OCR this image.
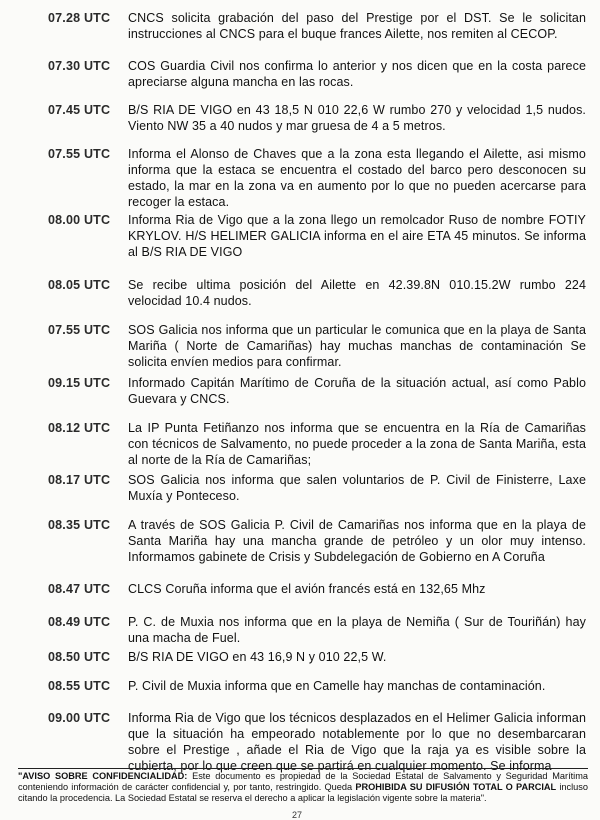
07.28 UTC	CNCS solicita grabación del paso del Prestige por el DST. Se le solicitan instrucciones al CNCS para el buque frances Ailette, nos remiten al CECOP.
07.30 UTC	COS Guardia Civil nos confirma lo anterior y nos dicen que en la costa parece apreciarse alguna mancha en las rocas.
07.45 UTC	B/S RIA DE VIGO en 43 18,5 N 010 22,6 W rumbo 270 y velocidad 1,5 nudos. Viento NW 35 a 40 nudos y mar gruesa de 4 a 5 metros.
07.55 UTC	Informa el Alonso de Chaves que a la zona esta llegando el Ailette, asi mismo informa que la estaca se encuentra el costado del barco pero desconocen su estado, la mar en la zona va en aumento por lo que no pueden acercarse para recoger la estaca.
08.00 UTC	Informa Ria de Vigo que a la zona llego un remolcador Ruso de nombre FOTIY KRYLOV. H/S HELIMER GALICIA informa en el aire ETA 45 minutos. Se informa al B/S RIA DE VIGO
08.05 UTC	Se recibe ultima posición del Ailette en 42.39.8N 010.15.2W rumbo 224 velocidad 10.4 nudos.
07.55 UTC	SOS Galicia nos informa que un particular le comunica que en la playa de Santa Mariña ( Norte de Camariñas) hay muchas manchas de contaminación Se solicita envíen medios para confirmar.
09.15 UTC	Informado Capitán Marítimo de Coruña de la situación actual, así como Pablo Guevara y CNCS.
08.12 UTC	La IP Punta Fetiñanzo nos informa que se encuentra en la Ría de Camariñas con técnicos de Salvamento, no puede proceder a la zona de Santa Mariña, esta al norte de la Ría de Camariñas;
08.17 UTC	SOS Galicia nos informa que salen voluntarios de P. Civil de Finisterre, Laxe Muxía y Ponteceso.
08.35 UTC	A través de SOS Galicia P. Civil de Camariñas nos informa que en la playa de Santa Mariña hay una mancha grande de petróleo y un olor muy intenso. Informamos gabinete de Crisis y Subdelegación de Gobierno en A Coruña
08.47 UTC	CLCS Coruña informa que el avión francés está en 132,65 Mhz
08.49 UTC	P. C. de Muxia nos informa que en la playa de Nemiña ( Sur de Touriñán) hay una macha de Fuel.
08.50 UTC	B/S RIA DE VIGO en 43 16,9 N y 010 22,5 W.
08.55 UTC	P. Civil de Muxia informa que en Camelle hay manchas de contaminación.
09.00 UTC	Informa Ria de Vigo que los técnicos desplazados en el Helimer Galicia informan que la situación ha empeorado notablemente por lo que no desembarcaran sobre el Prestige , añade el Ria de Vigo que la raja ya es visible sobre la cubierta, por lo que creen que se partirá en cualquier momento. Se informa
"AVISO SOBRE CONFIDENCIALIDAD: Este documento es propiedad de la Sociedad Estatal de Salvamento y Seguridad Marítima conteniendo información de carácter confidencial y, por tanto, restringido. Queda PROHIBIDA SU DIFUSIÓN TOTAL O PARCIAL incluso citando la procedencia. La Sociedad Estatal se reserva el derecho a aplicar la legislación vigente sobre la materia".
27
